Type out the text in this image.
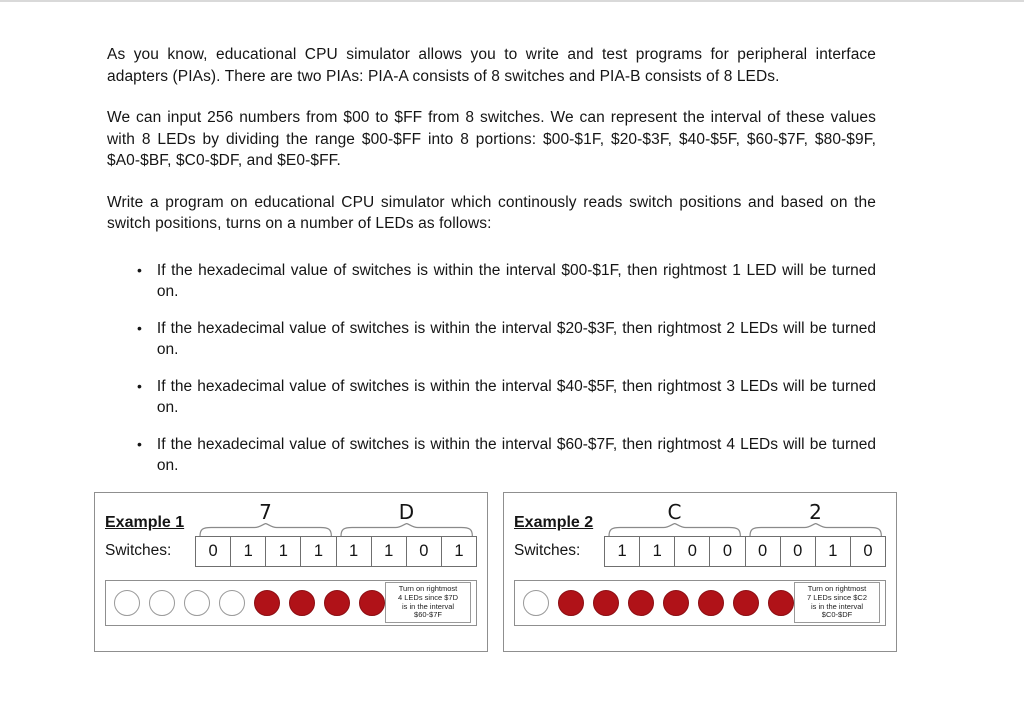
As you know, educational CPU simulator allows you to write and test programs for peripheral interface adapters (PIAs). There are two PIAs: PIA-A consists of 8 switches and PIA-B consists of 8 LEDs.

We can input 256 numbers from $00 to $FF from 8 switches. We can represent the interval of these values with 8 LEDs by dividing the range $00-$FF into 8 portions: $00-$1F, $20-$3F, $40-$5F, $60-$7F, $80-$9F, $A0-$BF, $C0-$DF, and $E0-$FF.

Write a program on educational CPU simulator which continously reads switch positions and based on the switch positions, turns on a number of LEDs as follows:

• If the hexadecimal value of switches is within the interval $00-$1F, then rightmost 1 LED will be turned on.
• If the hexadecimal value of switches is within the interval $20-$3F, then rightmost 2 LEDs will be turned on.
• If the hexadecimal value of switches is within the interval $40-$5F, then rightmost 3 LEDs will be turned on.
• If the hexadecimal value of switches is within the interval $60-$7F, then rightmost 4 LEDs will be turned on.
Example 1	7	D
Switches:	0	1	1	1	1	1	0	1
Turn on rightmost
4 LEDs since $7D
is in the interval
$60-$7F
Example 2	C	2
Switches:	1	1	0	0	0	0	1	0
Turn on rightmost
7 LEDs since $C2
is in the interval
$C0-$DF
